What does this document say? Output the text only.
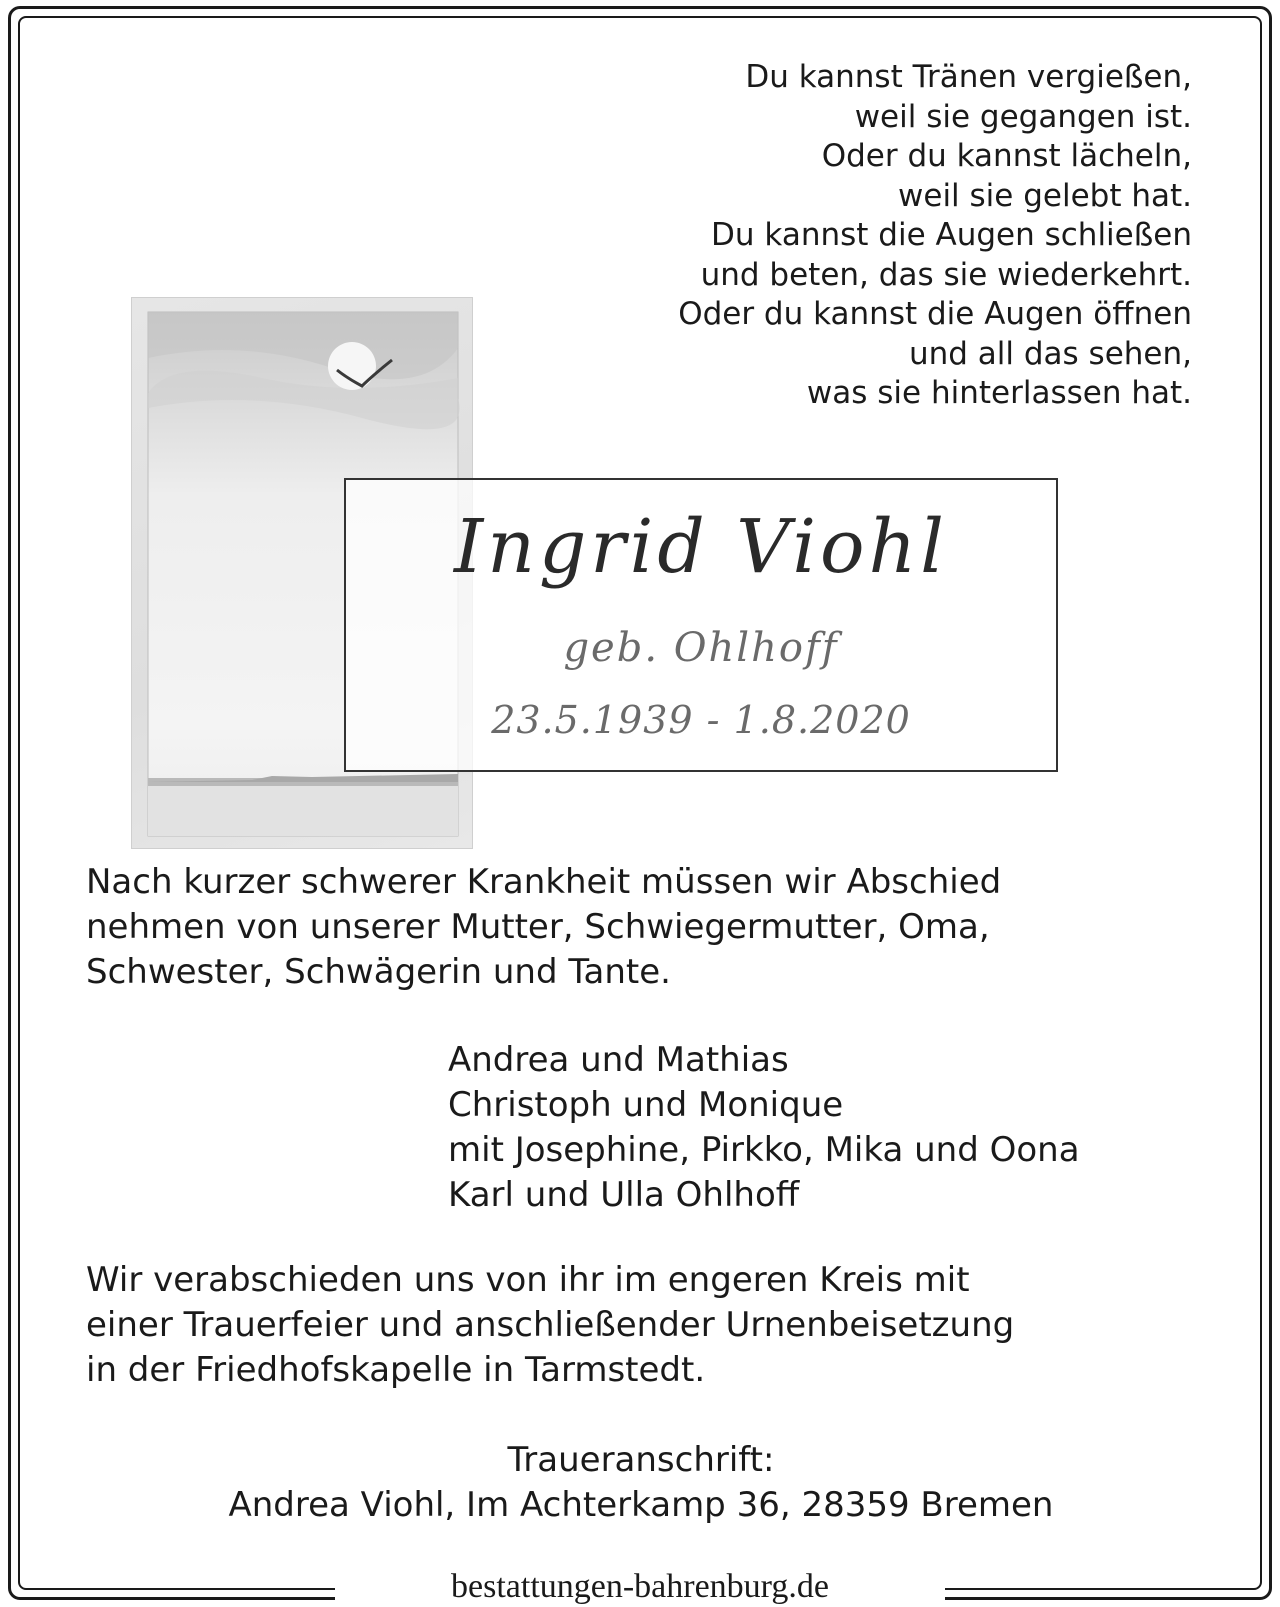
Du kannst Tränen vergießen,
weil sie gegangen ist.
Oder du kannst lächeln,
weil sie gelebt hat.
Du kannst die Augen schließen
und beten, das sie wiederkehrt.
Oder du kannst die Augen öffnen
und all das sehen,
was sie hinterlassen hat.
Ingrid Viohl
geb. Ohlhoff
23.5.1939 - 1.8.2020
Nach kurzer schwerer Krankheit müssen wir Abschied
nehmen von unserer Mutter, Schwiegermutter, Oma,
Schwester, Schwägerin und Tante.
Andrea und Mathias
Christoph und Monique
mit Josephine, Pirkko, Mika und Oona
Karl und Ulla Ohlhoff
Wir verabschieden uns von ihr im engeren Kreis mit
einer Trauerfeier und anschließender Urnenbeisetzung
in der Friedhofskapelle in Tarmstedt.
Traueranschrift:
Andrea Viohl, Im Achterkamp 36, 28359 Bremen
bestattungen-bahrenburg.de
